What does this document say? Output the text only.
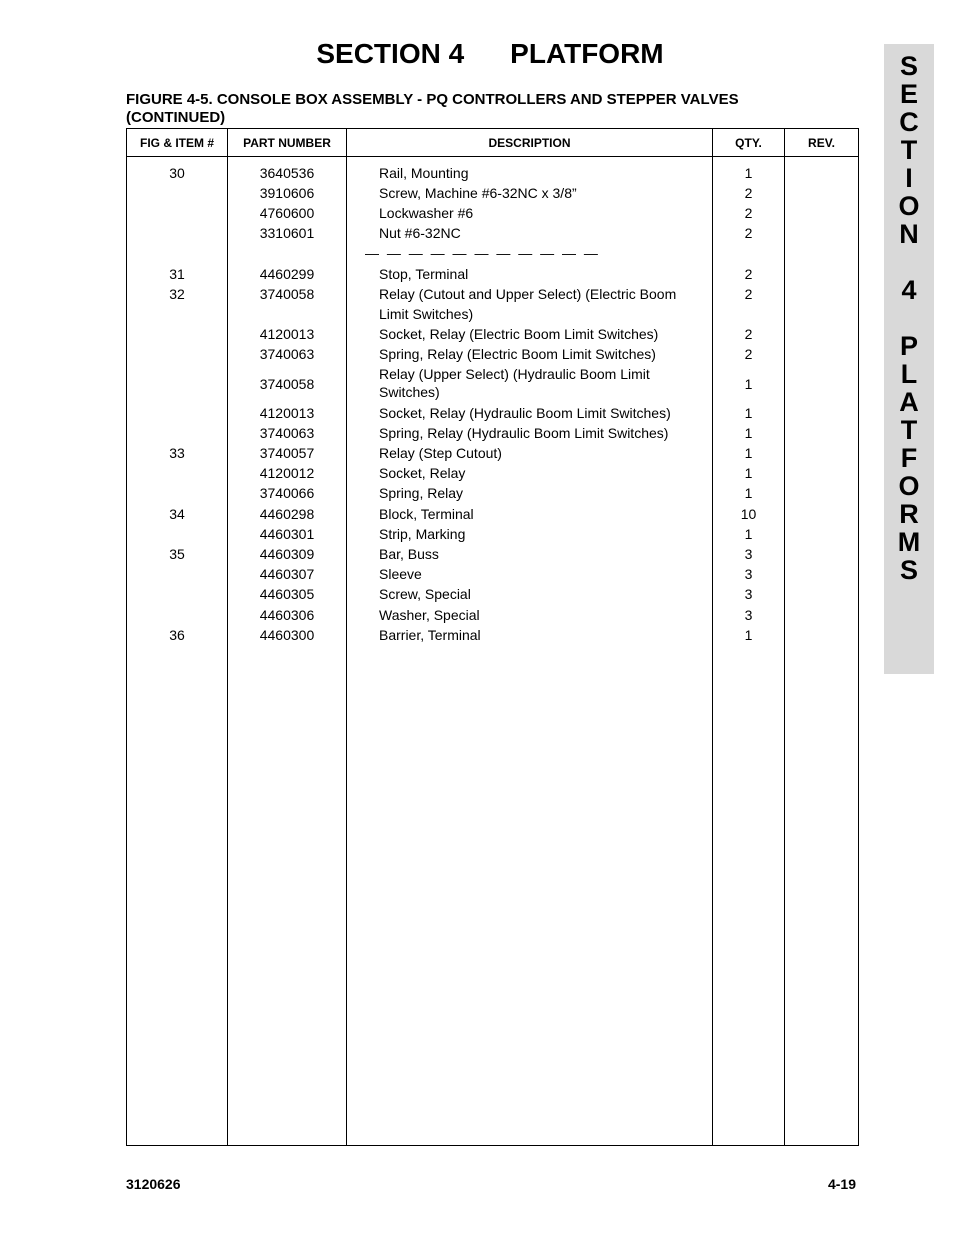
SECTION 4 PLATFORM	S
E
C
T
I
O
N
4
P
L
A
T
F
O
R
M
S
FIGURE 4-5. CONSOLE BOX ASSEMBLY - PQ CONTROLLERS AND STEPPER VALVES
(CONTINUED)
FIG & ITEM #	PART NUMBER	DESCRIPTION	QTY.	REV.

30	3640536	Rail, Mounting	1	
	3910606	Screw, Machine #6-32NC x 3/8”	2	
	4760600	Lockwasher #6	2	
	3310601	Nut #6-32NC	2	
		— — — — — — — — — — —		
31	4460299	Stop, Terminal	2	
32	3740058	Relay (Cutout and Upper Select) (Electric Boom	2	
		Limit Switches)		
	4120013	Socket, Relay (Electric Boom Limit Switches)	2	
	3740063	Spring, Relay (Electric Boom Limit Switches)	2	
	3740058	Relay (Upper Select) (Hydraulic Boom Limit Switches)	1	
	4120013	Socket, Relay (Hydraulic Boom Limit Switches)	1	
	3740063	Spring, Relay (Hydraulic Boom Limit Switches)	1	
33	3740057	Relay (Step Cutout)	1	
	4120012	Socket, Relay	1	
	3740066	Spring, Relay	1	
34	4460298	Block, Terminal	10	
	4460301	Strip, Marking	1	
35	4460309	Bar, Buss	3	
	4460307	Sleeve	3	
	4460305	Screw, Special	3	
	4460306	Washer, Special	3	
36	4460300	Barrier, Terminal	1	

3120626	4-19
